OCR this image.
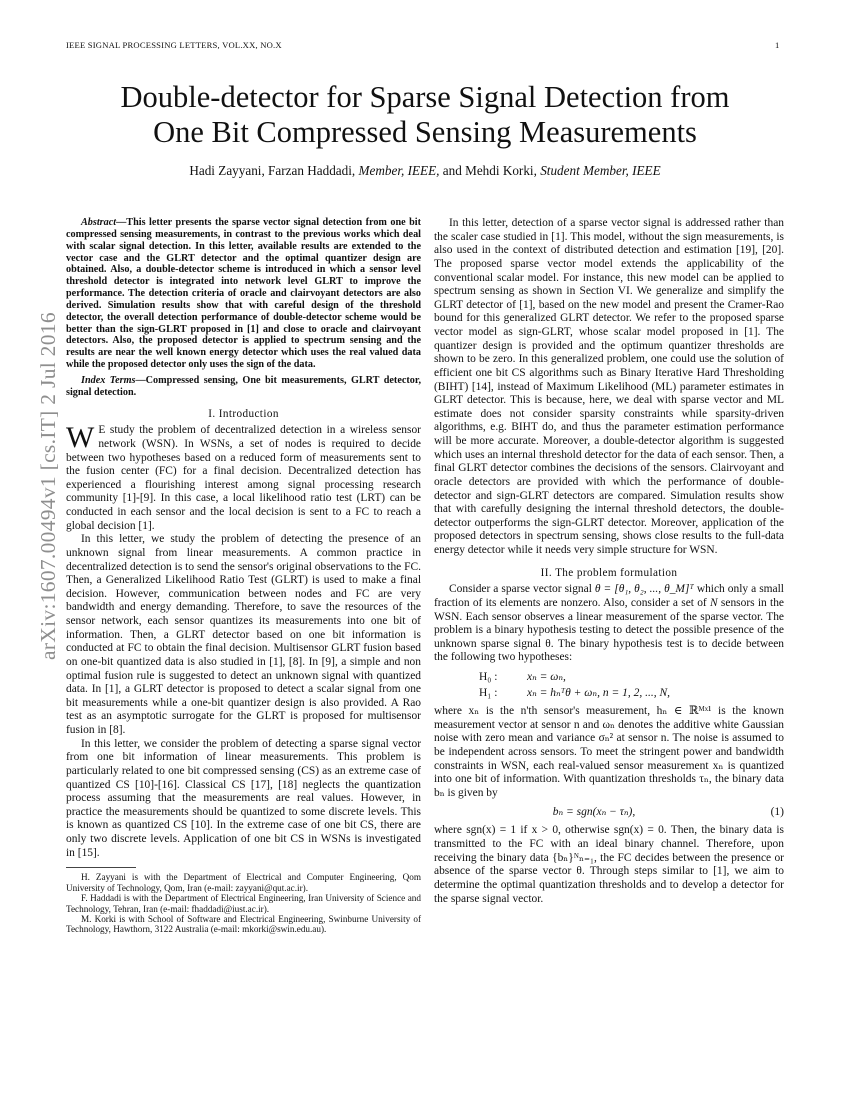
IEEE SIGNAL PROCESSING LETTERS, VOL.XX, NO.X	1
arXiv:1607.00494v1 [cs.IT] 2 Jul 2016
Double-detector for Sparse Signal Detection from
One Bit Compressed Sensing Measurements
Hadi Zayyani, Farzan Haddadi, Member, IEEE, and Mehdi Korki, Student Member, IEEE

Abstract—This letter presents the sparse vector signal detection from one bit compressed sensing measurements, in contrast to the previous works which deal with scalar signal detection. In this letter, available results are extended to the vector case and the GLRT detector and the optimal quantizer design are obtained. Also, a double-detector scheme is introduced in which a sensor level threshold detector is integrated into network level GLRT to improve the performance. The detection criteria of oracle and clairvoyant detectors are also derived. Simulation results show that with careful design of the threshold detector, the overall detection performance of double-detector scheme would be better than the sign-GLRT proposed in [1] and close to oracle and clairvoyant detectors. Also, the proposed detector is applied to spectrum sensing and the results are near the well known energy detector which uses the real valued data while the proposed detector only uses the sign of the data.

Index Terms—Compressed sensing, One bit measurements, GLRT detector, signal detection.

I. Introduction

W E study the problem of decentralized detection in a wireless sensor network (WSN). In WSNs, a set of nodes is required to decide between two hypotheses based on a reduced form of measurements sent to the fusion center (FC) for a final decision. Decentralized detection has experienced a flourishing interest among signal processing research community [1]-[9]. In this case, a local likelihood ratio test (LRT) can be conducted in each sensor and the local decision is sent to a FC to reach a global decision [1].

In this letter, we study the problem of detecting the presence of an unknown signal from linear measurements. A common practice in decentralized detection is to send the sensor's original observations to the FC. Then, a Generalized Likelihood Ratio Test (GLRT) is used to make a final decision. However, communication between nodes and FC are very bandwidth and energy demanding. Therefore, to save the resources of the sensor network, each sensor quantizes its measurements into one bit of information. Then, a GLRT detector based on one bit information is conducted at FC to obtain the final decision. Multisensor GLRT fusion based on one-bit quantized data is also studied in [1], [8]. In [9], a simple and non optimal fusion rule is suggested to detect an unknown signal with quantized data. In [1], a GLRT detector is proposed to detect a scalar signal from one bit measurements while a one-bit quantizer design is also provided. A Rao test as an asymptotic surrogate for the GLRT is proposed for multisensor fusion in [8].

In this letter, we consider the problem of detecting a sparse signal vector from one bit information of linear measurements. This problem is particularly related to one bit compressed sensing (CS) as an extreme case of quantized CS [10]-[16]. Classical CS [17], [18] neglects the quantization process assuming that the measurements are real values. However, in practice the measurements should be quantized to some discrete levels. This is known as quantized CS [10]. In the extreme case of one bit CS, there are only two discrete levels. Application of one bit CS in WSNs is investigated in [15].

H. Zayyani is with the Department of Electrical and Computer Engineering, Qom University of Technology, Qom, Iran (e-mail: zayyani@qut.ac.ir).

F. Haddadi is with the Department of Electrical Engineering, Iran University of Science and Technology, Tehran, Iran (e-mail: fhaddadi@iust.ac.ir).

M. Korki is with School of Software and Electrical Engineering, Swinburne University of Technology, Hawthorn, 3122 Australia (e-mail: mkorki@swin.edu.au).

In this letter, detection of a sparse vector signal is addressed rather than the scaler case studied in [1]. This model, without the sign measurements, is also used in the context of distributed detection and estimation [19], [20]. The proposed sparse vector model extends the applicability of the conventional scalar model. For instance, this new model can be applied to spectrum sensing as shown in Section VI. We generalize and simplify the GLRT detector of [1], based on the new model and present the Cramer-Rao bound for this generalized GLRT detector. We refer to the proposed sparse vector model as sign-GLRT, whose scalar model proposed in [1]. The quantizer design is provided and the optimum quantizer thresholds are shown to be zero. In this generalized problem, one could use the solution of efficient one bit CS algorithms such as Binary Iterative Hard Thresholding (BIHT) [14], instead of Maximum Likelihood (ML) parameter estimates in GLRT detector. This is because, here, we deal with sparse vector and ML estimate does not consider sparsity constraints while sparsity-driven algorithms, e.g. BIHT do, and thus the parameter estimation performance will be more accurate. Moreover, a double-detector algorithm is suggested which uses an internal threshold detector for the data of each sensor. Then, a final GLRT detector combines the decisions of the sensors. Clairvoyant and oracle detectors are provided with which the performance of double-detector and sign-GLRT detectors are compared. Simulation results show that with carefully designing the internal threshold detectors, the double-detector outperforms the sign-GLRT detector. Moreover, application of the proposed detectors in spectrum sensing, shows close results to the full-data energy detector while it needs very simple structure for WSN.

II. The problem formulation

Consider a sparse vector signal θ = [θ₁, θ₂, ..., θ_M]ᵀ which only a small fraction of its elements are nonzero. Also, consider a set of N sensors in the WSN. Each sensor observes a linear measurement of the sparse vector. The problem is a binary hypothesis testing to detect the possible presence of the unknown sparse signal θ. The binary hypothesis test is to decide between the following two hypotheses:

H₀ :	xₙ = ωₙ,
H₁ :	xₙ = hₙᵀθ + ωₙ, n = 1, 2, ..., N,

where xₙ is the n'th sensor's measurement, hₙ ∈ ℝᴹˣ¹ is the known measurement vector at sensor n and ωₙ denotes the additive white Gaussian noise with zero mean and variance σₙ² at sensor n. The noise is assumed to be independent across sensors. To meet the stringent power and bandwidth constraints in WSN, each real-valued sensor measurement xₙ is quantized into one bit of information. With quantization thresholds τₙ, the binary data bₙ is given by

bₙ = sgn(xₙ − τₙ),	(1)

where sgn(x) = 1 if x > 0, otherwise sgn(x) = 0. Then, the binary data is transmitted to the FC with an ideal binary channel. Therefore, upon receiving the binary data {bₙ}ᴺₙ₌₁, the FC decides between the presence or absence of the sparse vector θ. Through steps similar to [1], we aim to determine the optimal quantization thresholds and to develop a detector for the sparse signal vector.
